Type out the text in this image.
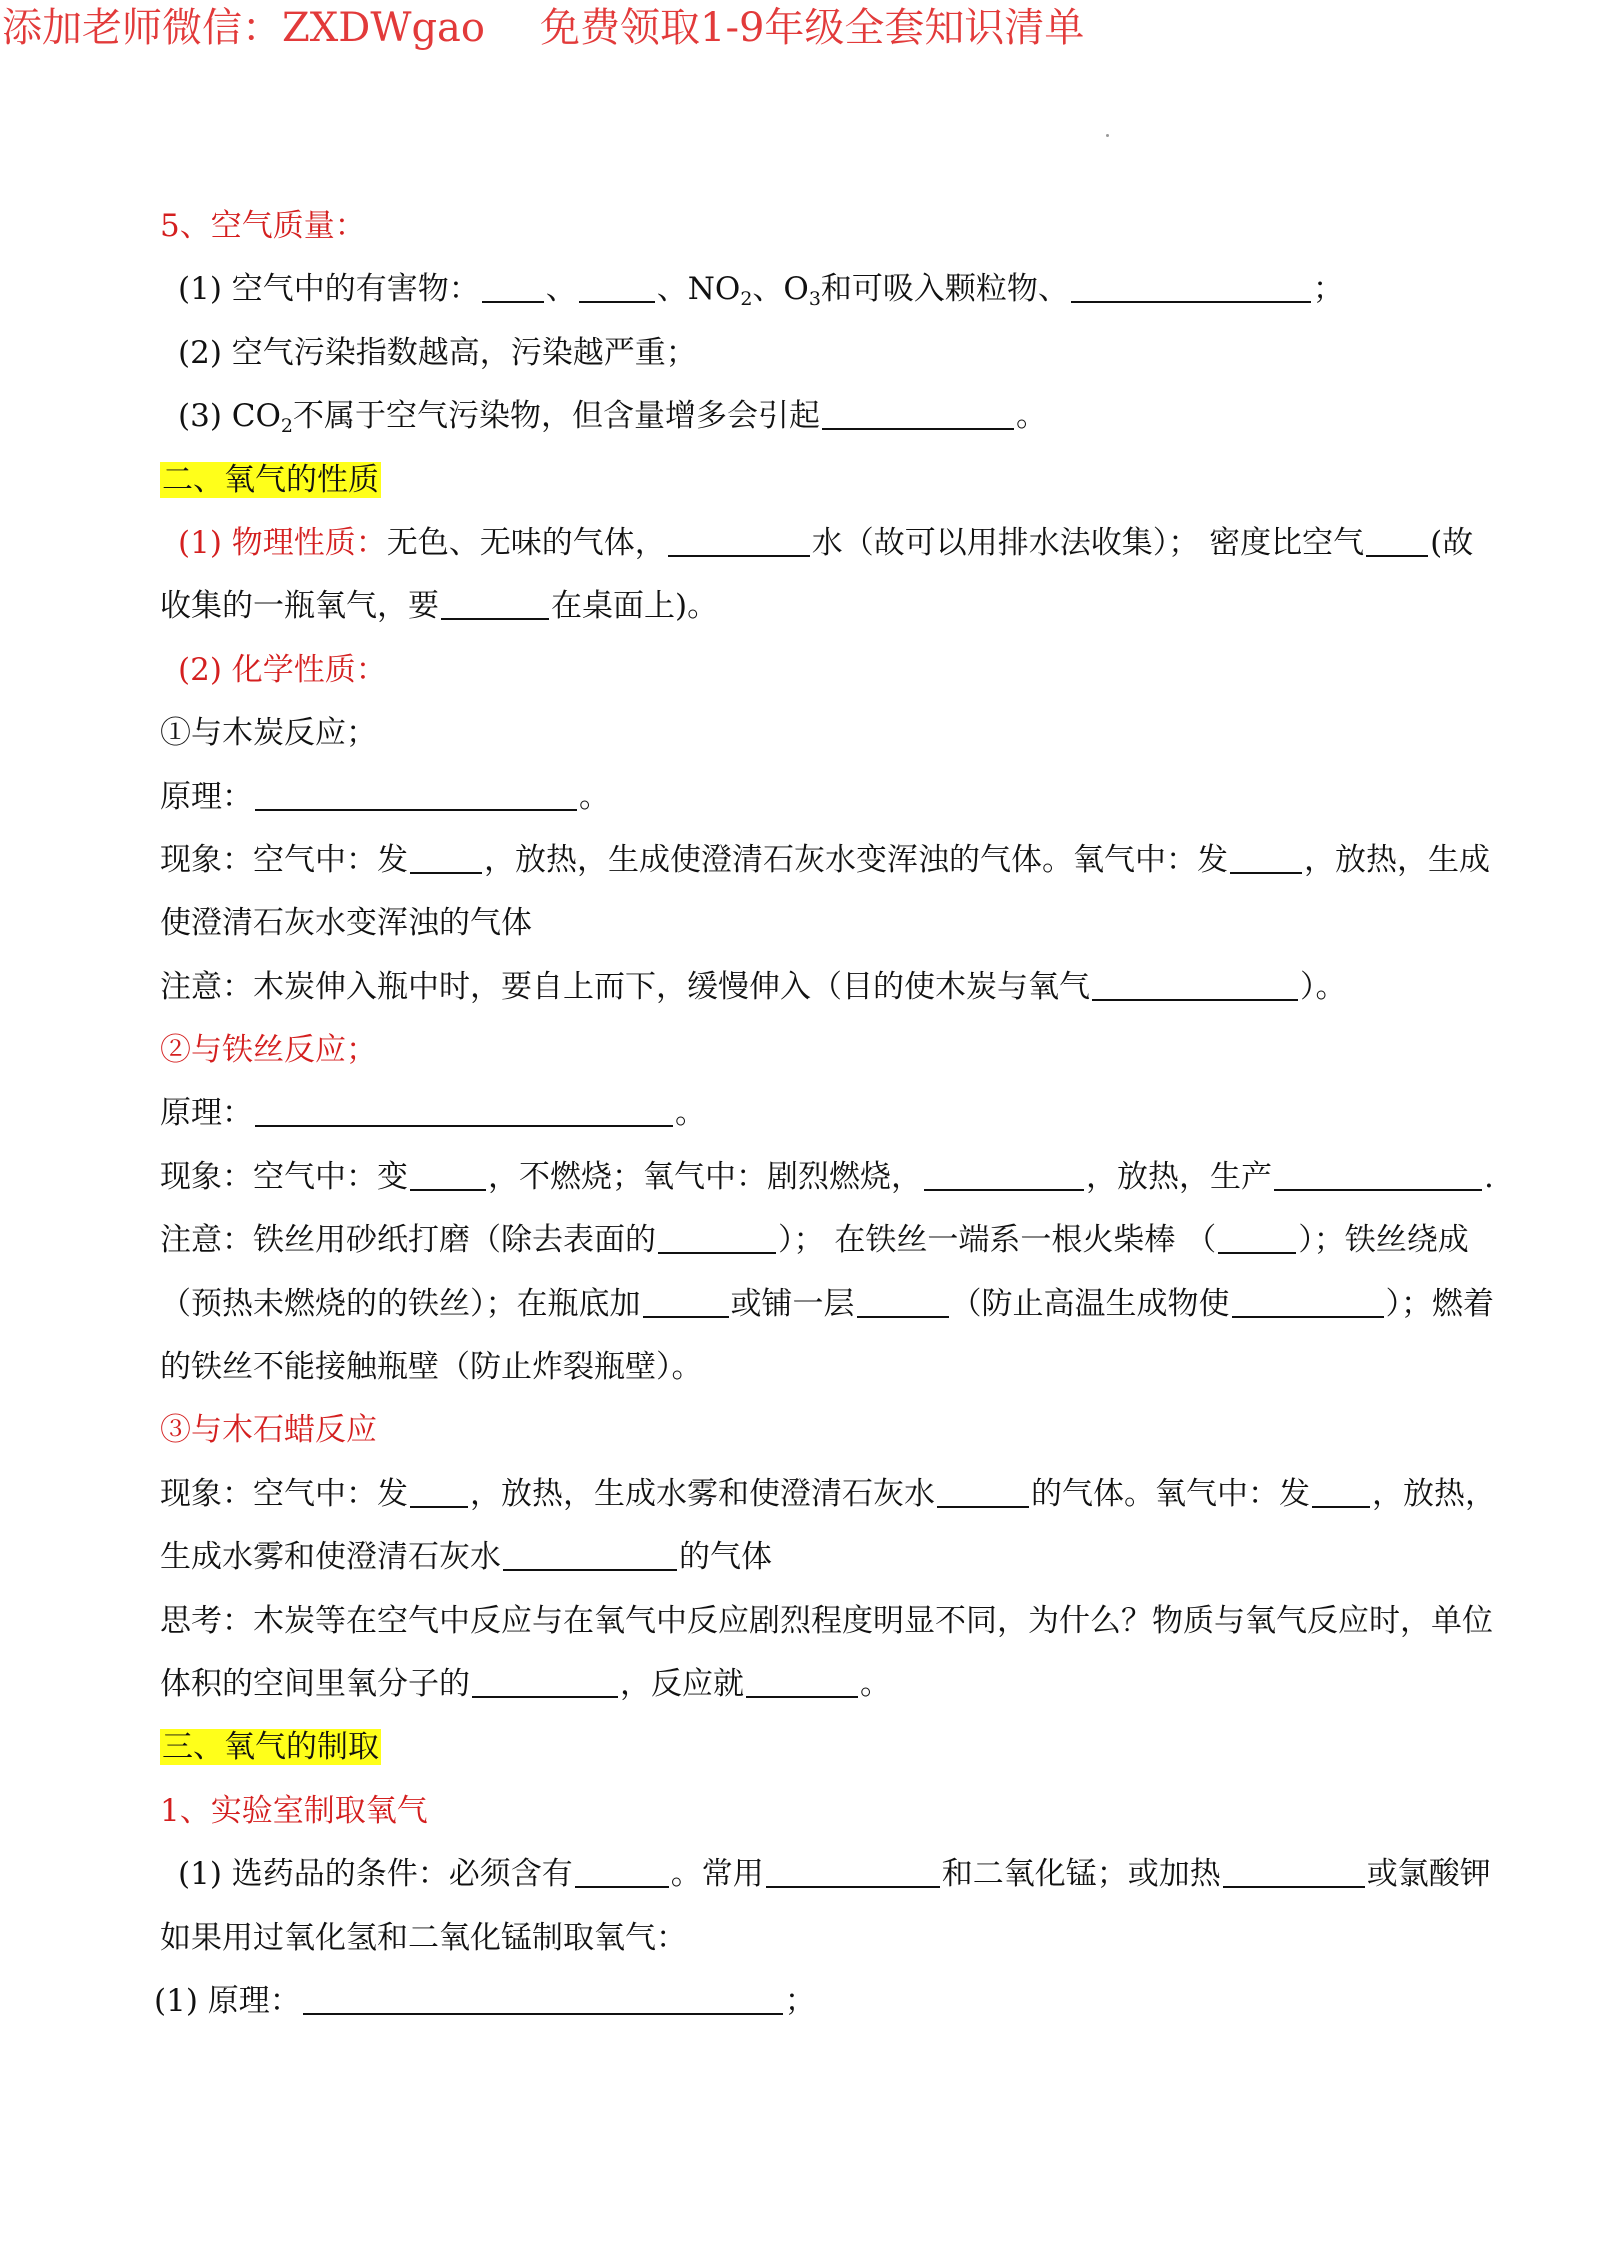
添加老师微信：ZXDWgao 免费领取1-9年级全套知识清单
5、空气质量：
(1) 空气中的有害物： 、	、$NO_2$、$O_3$和可吸入颗粒物、	；
(2) 空气污染指数越高，污染越严重；
(3) $CO_2$不属于空气污染物，但含量增多会引起	。
二、氧气的性质
(1) 物理性质：无色、无味的气体，	水（故可以用排水法收集）； 密度比空气 (故
收集的一瓶氧气，要	在桌面上)。
(2) 化学性质：
①与木炭反应；
原理：	。
现象：空气中：发 ，放热，生成使澄清石灰水变浑浊的气体。氧气中：发 ，放热，生成
使澄清石灰水变浑浊的气体
注意：木炭伸入瓶中时，要自上而下，缓慢伸入（目的使木炭与氧气	）。
②与铁丝反应；
原理：	。
现象：空气中：变	，不燃烧；氧气中：剧烈燃烧，	，放热，生产	.
注意：铁丝用砂纸打磨（除去表面的	）； 在铁丝一端系一根火柴棒 （	）；铁丝绕成
（预热未燃烧的的铁丝）；在瓶底加	或铺一层	（防止高温生成物使	）；燃着
的铁丝不能接触瓶壁（防止炸裂瓶壁）。
③与木石蜡反应
现象：空气中：发 ，放热，生成水雾和使澄清石灰水	的气体。氧气中：发 ，放热，
生成水雾和使澄清石灰水	的气体
思考：木炭等在空气中反应与在氧气中反应剧烈程度明显不同，为什么？物质与氧气反应时，单位
体积的空间里氧分子的	，反应就	。
三、氧气的制取
1、实验室制取氧气
(1) 选药品的条件：必须含有	。常用	和二氧化锰；或加热	或氯酸钾
如果用过氧化氢和二氧化锰制取氧气：
(1) 原理：	；
